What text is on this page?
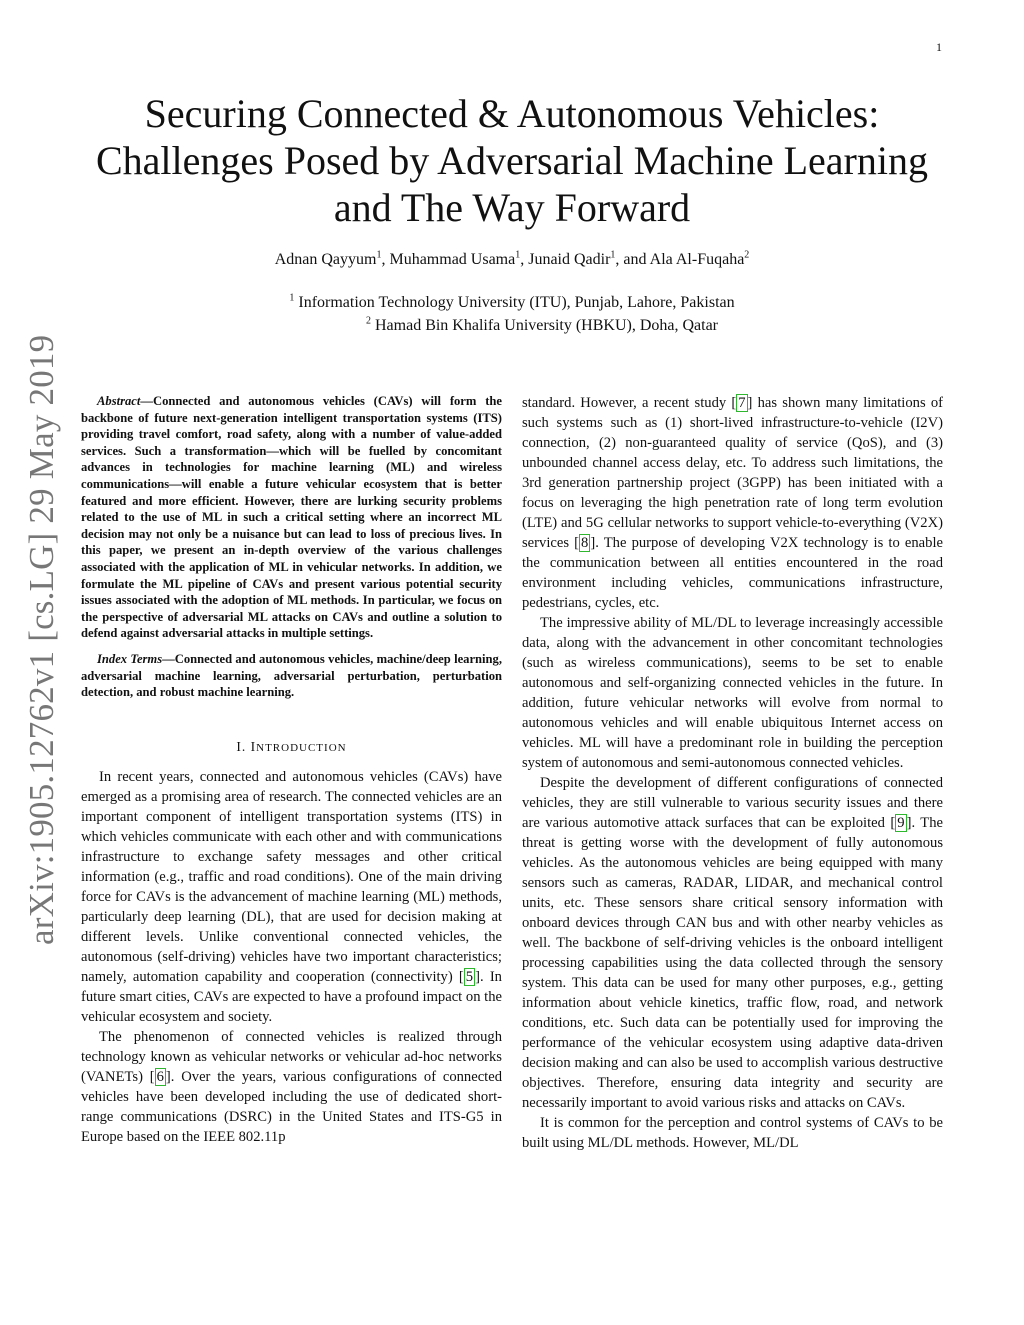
1
arXiv:1905.12762v1 [cs.LG] 29 May 2019
Securing Connected & Autonomous Vehicles:
Challenges Posed by Adversarial Machine Learning
and The Way Forward
Adnan Qayyum$^1$, Muhammad Usama$^1$, Junaid Qadir$^1$, and Ala Al-Fuqaha$^2$
$^1$ Information Technology University (ITU), Punjab, Lahore, Pakistan
$^2$ Hamad Bin Khalifa University (HBKU), Doha, Qatar

Abstract—Connected and autonomous vehicles (CAVs) will form the backbone of future next-generation intelligent transportation systems (ITS) providing travel comfort, road safety, along with a number of value-added services. Such a transformation—which will be fuelled by concomitant advances in technologies for machine learning (ML) and wireless communications—will enable a future vehicular ecosystem that is better featured and more efficient. However, there are lurking security problems related to the use of ML in such a critical setting where an incorrect ML decision may not only be a nuisance but can lead to loss of precious lives. In this paper, we present an in-depth overview of the various challenges associated with the application of ML in vehicular networks. In addition, we formulate the ML pipeline of CAVs and present various potential security issues associated with the adoption of ML methods. In particular, we focus on the perspective of adversarial ML attacks on CAVs and outline a solution to defend against adversarial attacks in multiple settings.

Index Terms—Connected and autonomous vehicles, machine/deep learning, adversarial machine learning, adversarial perturbation, perturbation detection, and robust machine learning.
I. INTRODUCTION

In recent years, connected and autonomous vehicles (CAVs) have emerged as a promising area of research. The connected vehicles are an important component of intelligent transportation systems (ITS) in which vehicles communicate with each other and with communications infrastructure to exchange safety messages and other critical information (e.g., traffic and road conditions). One of the main driving force for CAVs is the advancement of machine learning (ML) methods, particularly deep learning (DL), that are used for decision making at different levels. Unlike conventional connected vehicles, the autonomous (self-driving) vehicles have two important characteristics; namely, automation capability and cooperation (connectivity) [ 5 ]. In future smart cities, CAVs are expected to have a profound impact on the vehicular ecosystem and society.

The phenomenon of connected vehicles is realized through technology known as vehicular networks or vehicular ad-hoc networks (VANETs) [ 6 ]. Over the years, various configurations of connected vehicles have been developed including the use of dedicated short-range communications (DSRC) in the United States and ITS-G5 in Europe based on the IEEE 802.11p

standard. However, a recent study [ 7 ] has shown many limitations of such systems such as (1) short-lived infrastructure-to-vehicle (I2V) connection, (2) non-guaranteed quality of service (QoS), and (3) unbounded channel access delay, etc. To address such limitations, the 3rd generation partnership project (3GPP) has been initiated with a focus on leveraging the high penetration rate of long term evolution (LTE) and 5G cellular networks to support vehicle-to-everything (V2X) services [ 8 ]. The purpose of developing V2X technology is to enable the communication between all entities encountered in the road environment including vehicles, communications infrastructure, pedestrians, cycles, etc.

The impressive ability of ML/DL to leverage increasingly accessible data, along with the advancement in other concomitant technologies (such as wireless communications), seems to be set to enable autonomous and self-organizing connected vehicles in the future. In addition, future vehicular networks will evolve from normal to autonomous vehicles and will enable ubiquitous Internet access on vehicles. ML will have a predominant role in building the perception system of autonomous and semi-autonomous connected vehicles.

Despite the development of different configurations of connected vehicles, they are still vulnerable to various security issues and there are various automotive attack surfaces that can be exploited [ 9 ]. The threat is getting worse with the development of fully autonomous vehicles. As the autonomous vehicles are being equipped with many sensors such as cameras, RADAR, LIDAR, and mechanical control units, etc. These sensors share critical sensory information with onboard devices through CAN bus and with other nearby vehicles as well. The backbone of self-driving vehicles is the onboard intelligent processing capabilities using the data collected through the sensory system. This data can be used for many other purposes, e.g., getting information about vehicle kinetics, traffic flow, road, and network conditions, etc. Such data can be potentially used for improving the performance of the vehicular ecosystem using adaptive data-driven decision making and can also be used to accomplish various destructive objectives. Therefore, ensuring data integrity and security are necessarily important to avoid various risks and attacks on CAVs.

It is common for the perception and control systems of CAVs to be built using ML/DL methods. However, ML/DL
